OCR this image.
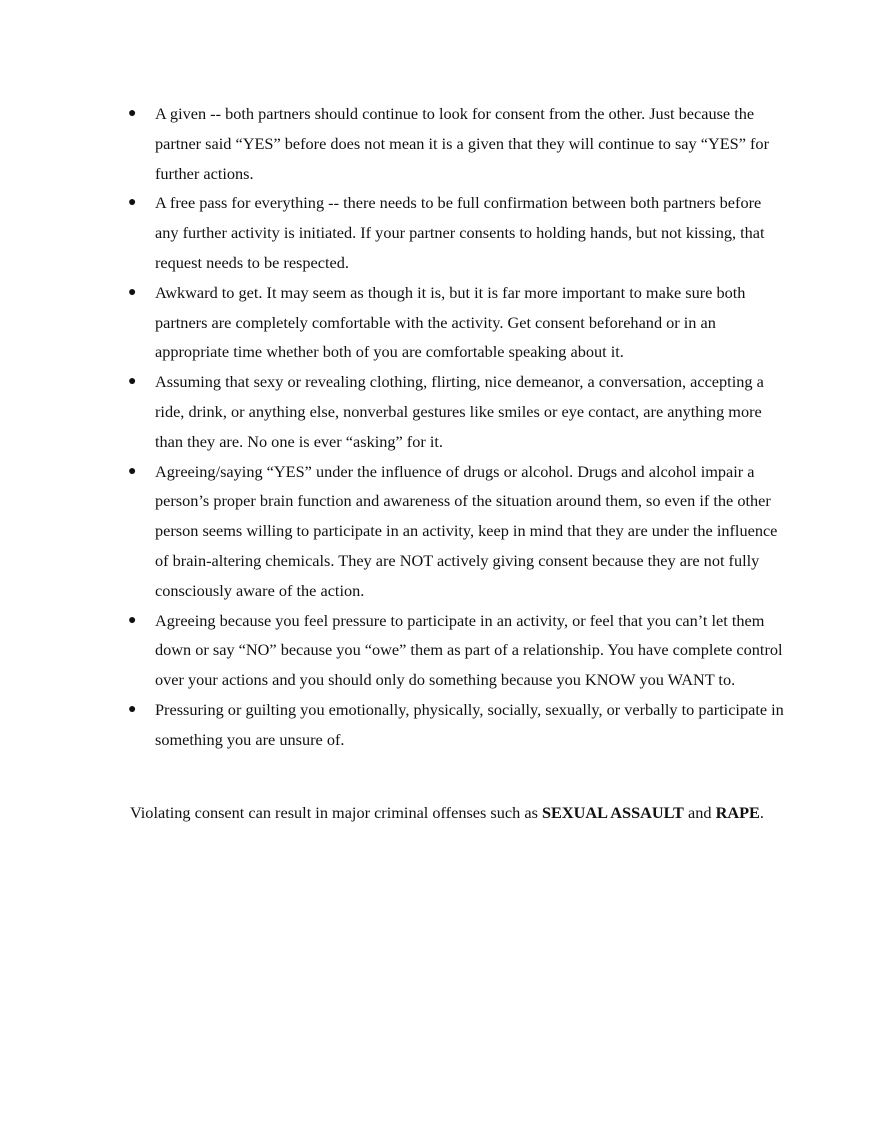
● A given -- both partners should continue to look for consent from the other. Just because the partner said “YES” before does not mean it is a given that they will continue to say “YES” for further actions.
● A free pass for everything -- there needs to be full confirmation between both partners before any further activity is initiated. If your partner consents to holding hands, but not kissing, that request needs to be respected.
● Awkward to get. It may seem as though it is, but it is far more important to make sure both partners are completely comfortable with the activity. Get consent beforehand or in an appropriate time whether both of you are comfortable speaking about it.
● Assuming that sexy or revealing clothing, flirting, nice demeanor, a conversation, accepting a ride, drink, or anything else, nonverbal gestures like smiles or eye contact, are anything more than they are. No one is ever “asking” for it.
● Agreeing/saying “YES” under the influence of drugs or alcohol. Drugs and alcohol impair a person’s proper brain function and awareness of the situation around them, so even if the other person seems willing to participate in an activity, keep in mind that they are under the influence of brain-altering chemicals. They are NOT actively giving consent because they are not fully consciously aware of the action.
● Agreeing because you feel pressure to participate in an activity, or feel that you can’t let them down or say “NO” because you “owe” them as part of a relationship. You have complete control over your actions and you should only do something because you KNOW you WANT to.
● Pressuring or guilting you emotionally, physically, socially, sexually, or verbally to participate in something you are unsure of.

Violating consent can result in major criminal offenses such as SEXUAL ASSAULT and RAPE.
